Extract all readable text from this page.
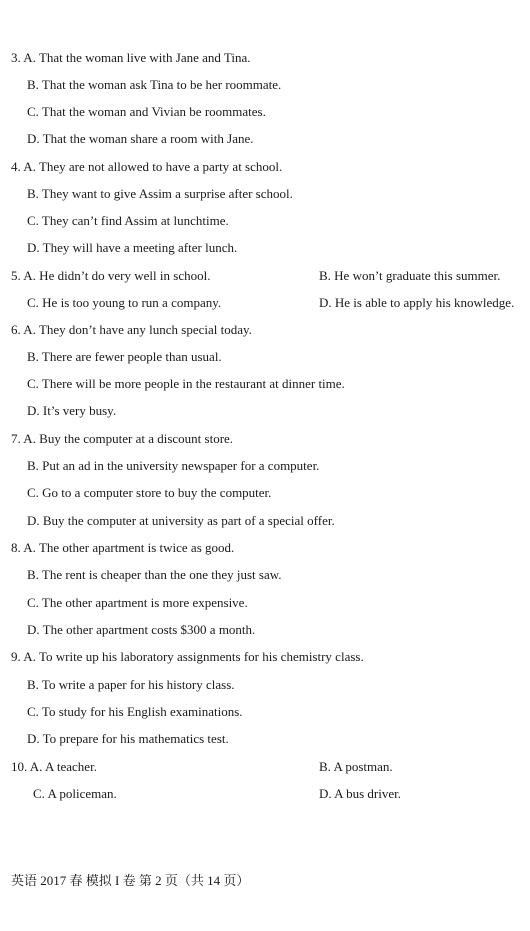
3. A. That the woman live with Jane and Tina.
B. That the woman ask Tina to be her roommate.
C. That the woman and Vivian be roommates.
D. That the woman share a room with Jane.
4. A. They are not allowed to have a party at school.
B. They want to give Assim a surprise after school.
C. They can’t find Assim at lunchtime.
D. They will have a meeting after lunch.
5. A. He didn’t do very well in school.	B. He won’t graduate this summer.
C. He is too young to run a company.	D. He is able to apply his knowledge.
6. A. They don’t have any lunch special today.
B. There are fewer people than usual.
C. There will be more people in the restaurant at dinner time.
D. It’s very busy.
7. A. Buy the computer at a discount store.
B. Put an ad in the university newspaper for a computer.
C. Go to a computer store to buy the computer.
D. Buy the computer at university as part of a special offer.
8. A. The other apartment is twice as good.
B. The rent is cheaper than the one they just saw.
C. The other apartment is more expensive.
D. The other apartment costs $300 a month.
9. A. To write up his laboratory assignments for his chemistry class.
B. To write a paper for his history class.
C. To study for his English examinations.
D. To prepare for his mathematics test.
10. A. A teacher.	B. A postman.
C. A policeman.	D. A bus driver.
英语 2017 春 模拟 I 卷 第 2 页（共 14 页）
